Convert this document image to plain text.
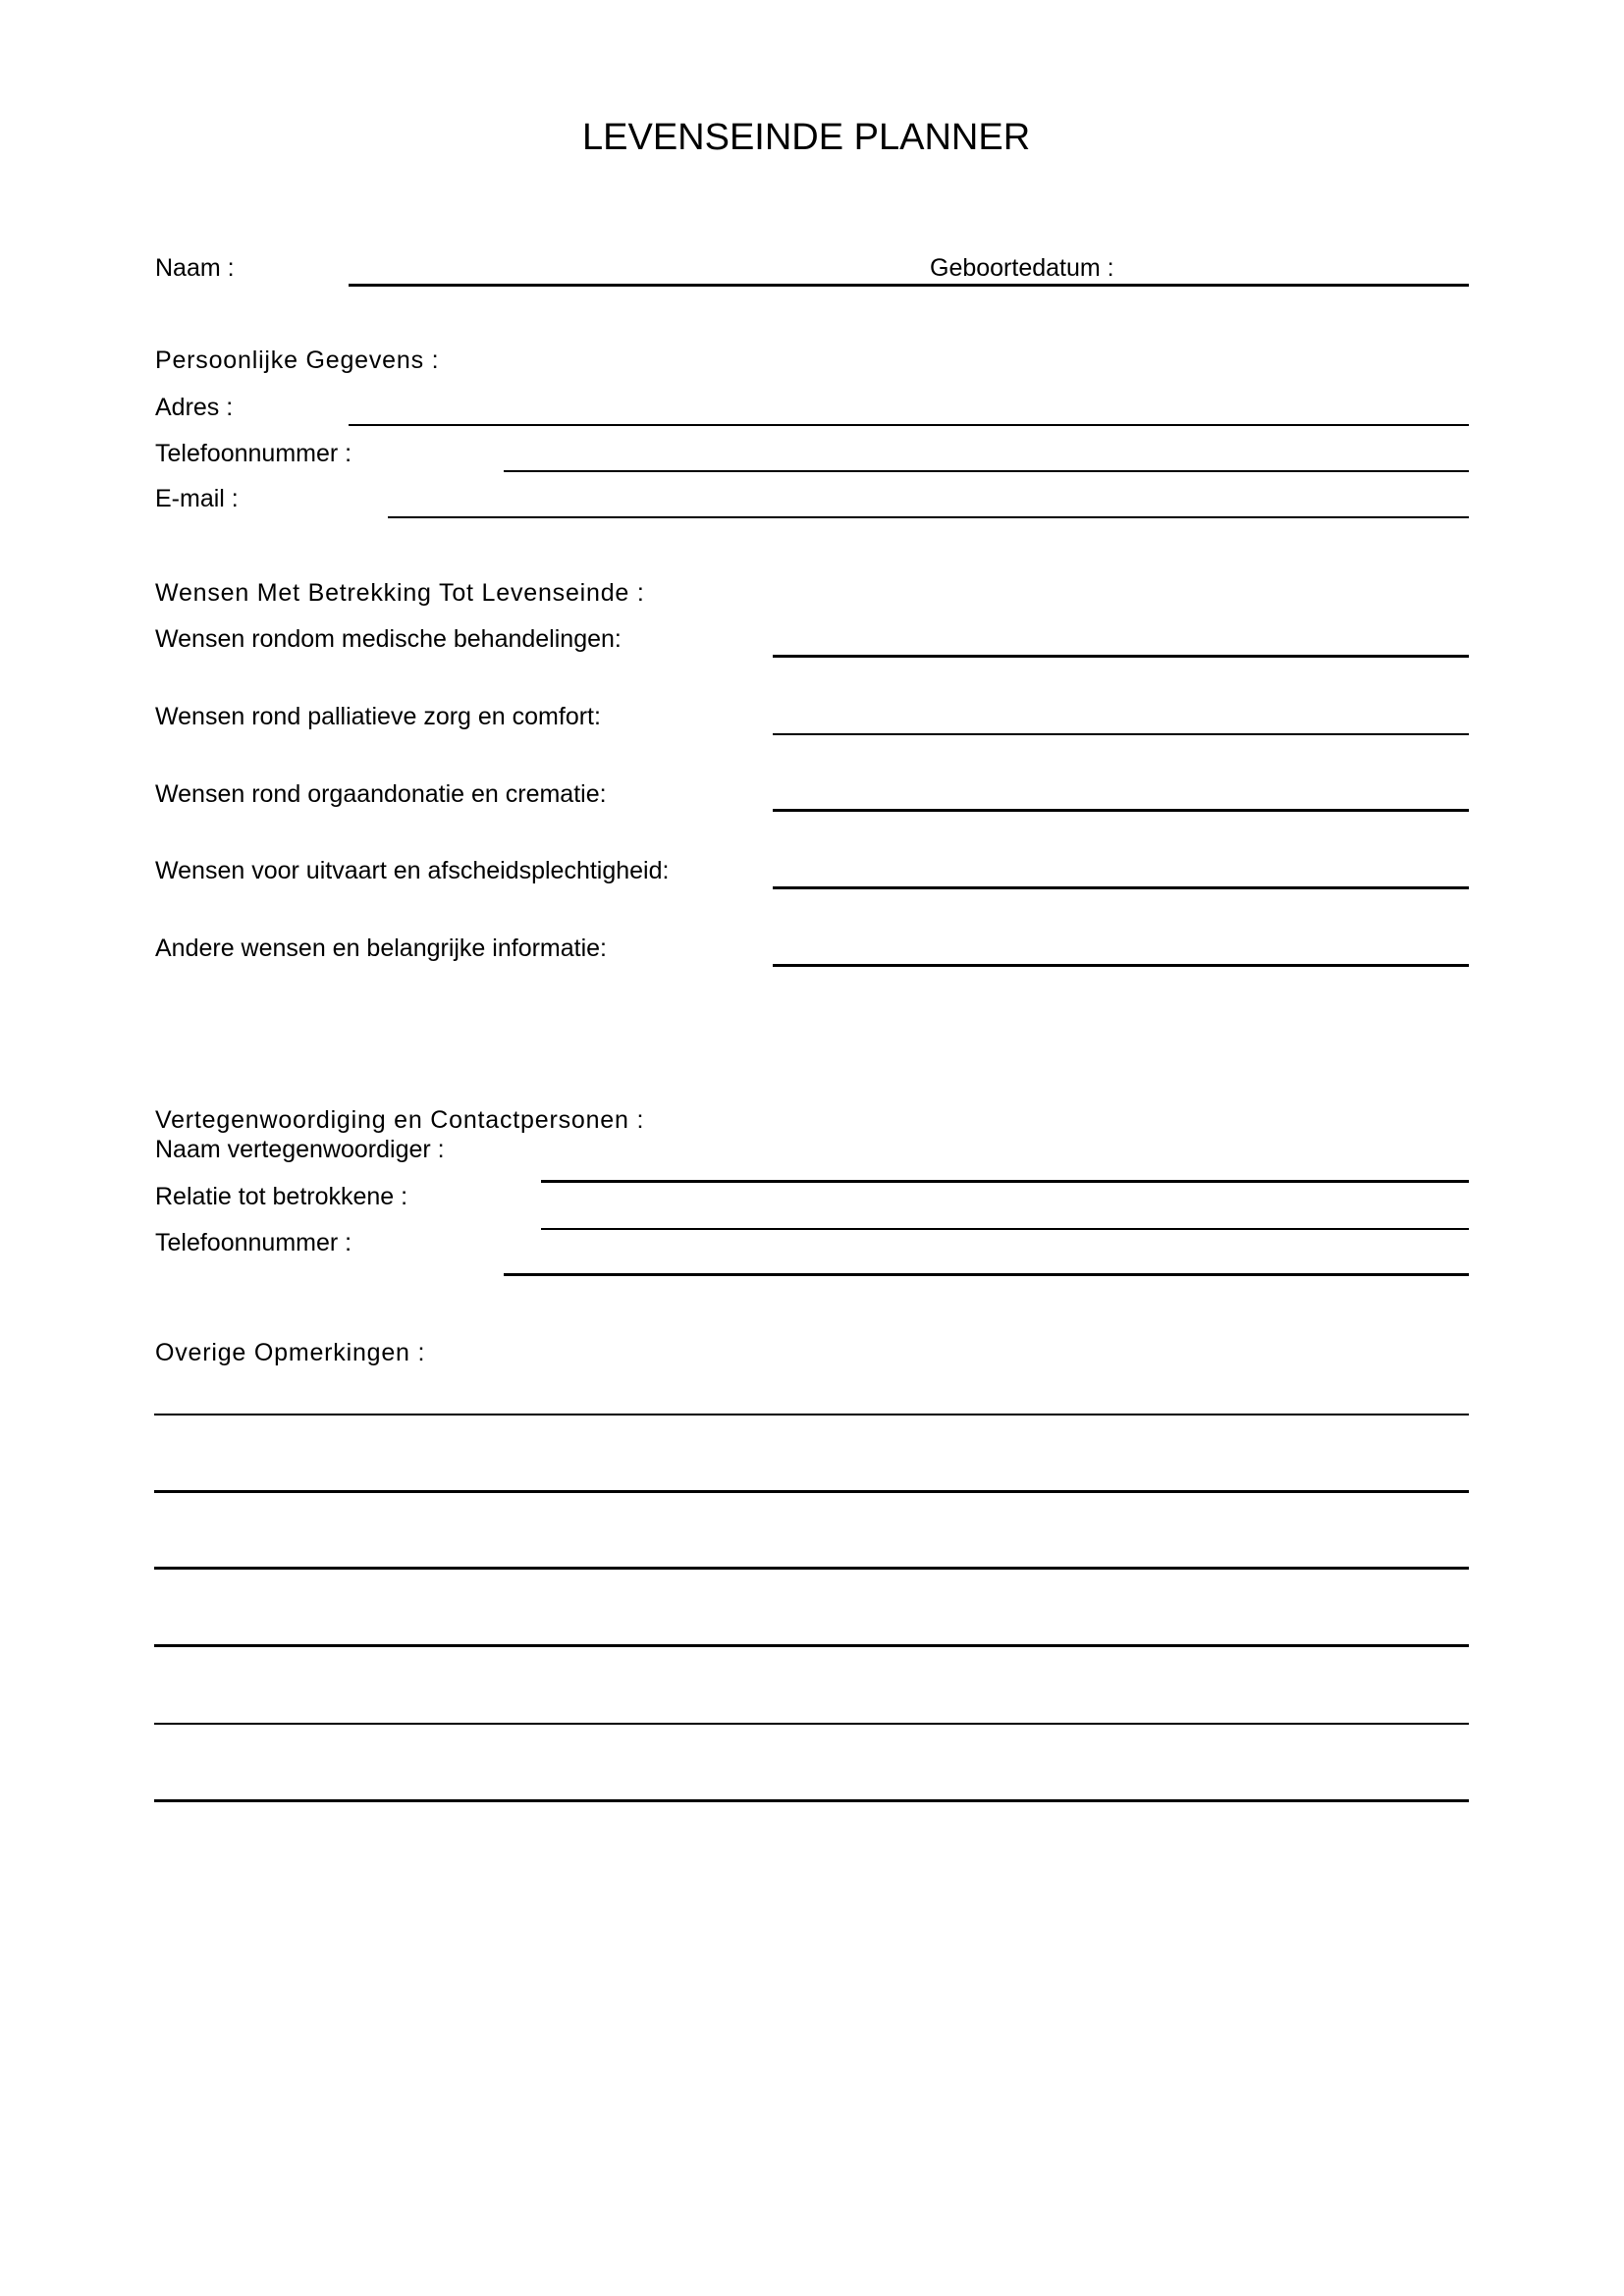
LEVENSEINDE PLANNER
Naam :	Geboortedatum :
Persoonlijke Gegevens :
Adres :
Telefoonnummer :
E-mail :
Wensen Met Betrekking Tot Levenseinde :
Wensen rondom medische behandelingen:
Wensen rond palliatieve zorg en comfort:
Wensen rond orgaandonatie en crematie:
Wensen voor uitvaart en afscheidsplechtigheid:
Andere wensen en belangrijke informatie:
Vertegenwoordiging en Contactpersonen :
Naam vertegenwoordiger :
Relatie tot betrokkene :
Telefoonnummer :
Overige Opmerkingen :
